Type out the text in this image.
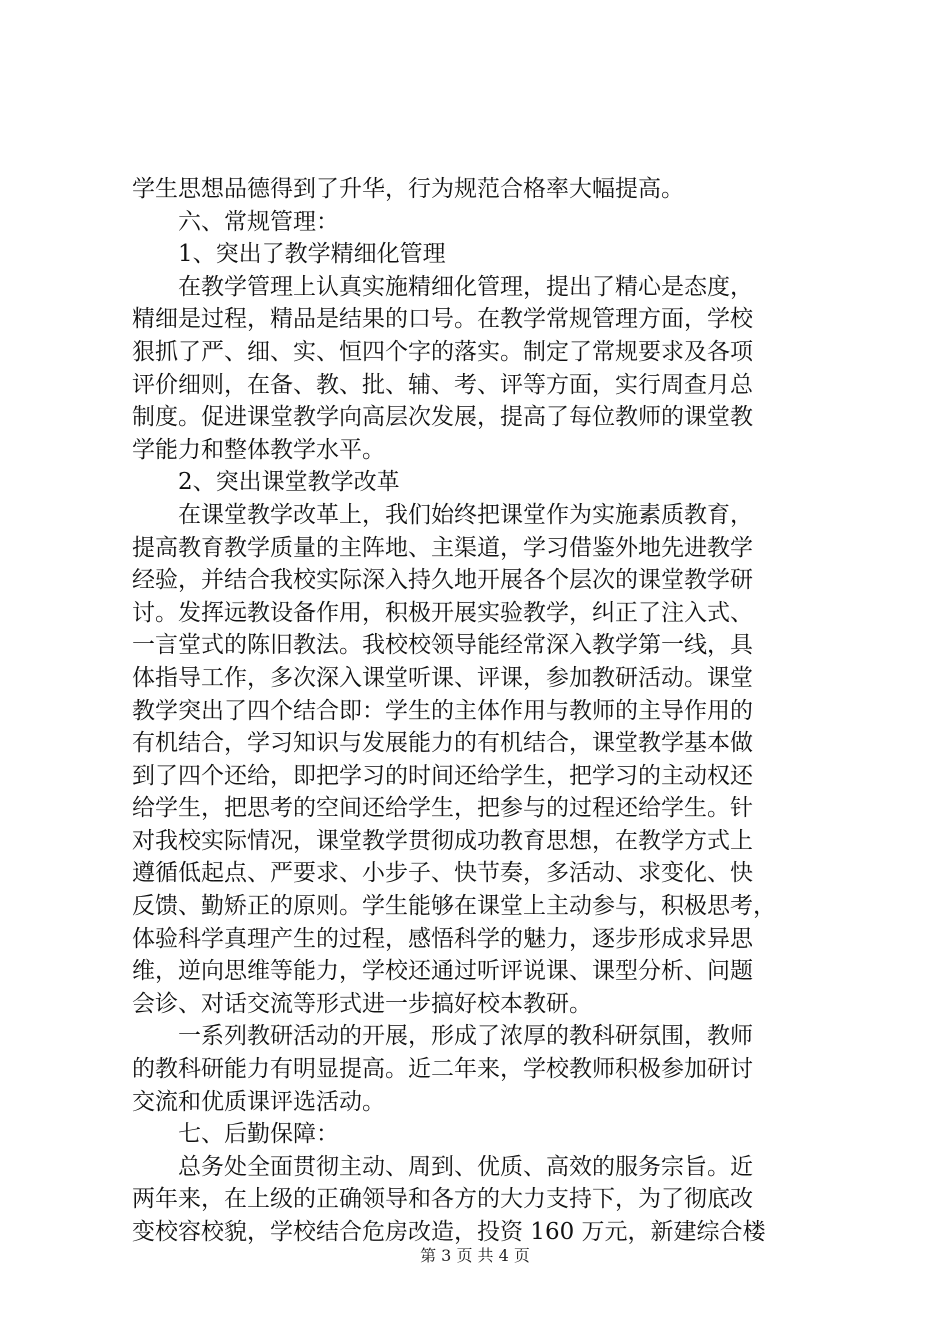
学生思想品德得到了升华，行为规范合格率大幅提高。
六、常规管理：
1、突出了教学精细化管理
在教学管理上认真实施精细化管理，提出了精心是态度，
精细是过程，精品是结果的口号。在教学常规管理方面，学校
狠抓了严、细、实、恒四个字的落实。制定了常规要求及各项
评价细则，在备、教、批、辅、考、评等方面，实行周查月总
制度。促进课堂教学向高层次发展，提高了每位教师的课堂教
学能力和整体教学水平。
2、突出课堂教学改革
在课堂教学改革上，我们始终把课堂作为实施素质教育，
提高教育教学质量的主阵地、主渠道，学习借鉴外地先进教学
经验，并结合我校实际深入持久地开展各个层次的课堂教学研
讨。发挥远教设备作用，积极开展实验教学，纠正了注入式、
一言堂式的陈旧教法。我校校领导能经常深入教学第一线，具
体指导工作，多次深入课堂听课、评课，参加教研活动。课堂
教学突出了四个结合即：学生的主体作用与教师的主导作用的
有机结合，学习知识与发展能力的有机结合，课堂教学基本做
到了四个还给，即把学习的时间还给学生，把学习的主动权还
给学生，把思考的空间还给学生，把参与的过程还给学生。针
对我校实际情况，课堂教学贯彻成功教育思想，在教学方式上
遵循低起点、严要求、小步子、快节奏，多活动、求变化、快
反馈、勤矫正的原则。学生能够在课堂上主动参与，积极思考，
体验科学真理产生的过程，感悟科学的魅力，逐步形成求异思
维，逆向思维等能力，学校还通过听评说课、课型分析、问题
会诊、对话交流等形式进一步搞好校本教研。
一系列教研活动的开展，形成了浓厚的教科研氛围，教师
的教科研能力有明显提高。近二年来，学校教师积极参加研讨
交流和优质课评选活动。
七、后勤保障：
总务处全面贯彻主动、周到、优质、高效的服务宗旨。近
两年来，在上级的正确领导和各方的大力支持下，为了彻底改
变校容校貌，学校结合危房改造，投资 160 万元，新建综合楼
第 3 页 共 4 页
